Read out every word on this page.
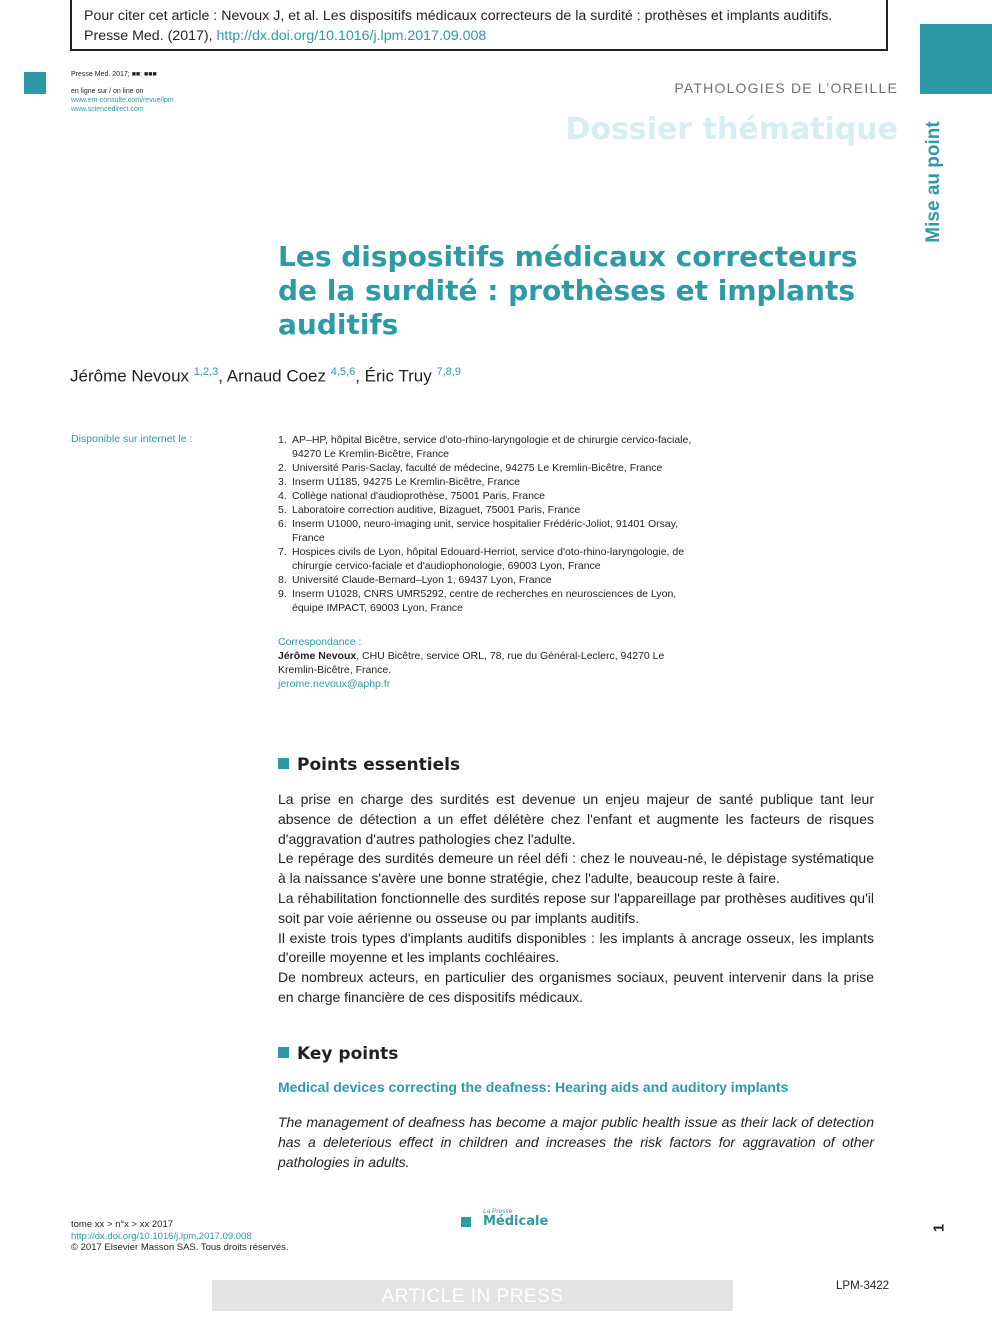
Pour citer cet article : Nevoux J, et al. Les dispositifs médicaux correcteurs de la surdité : prothèses et implants auditifs. Presse Med. (2017), http://dx.doi.org/10.1016/j.lpm.2017.09.008
Presse Med. 2017; ■■: ■■■
en ligne sur / on line on
www.em-consulte.com/revue/lpm
www.sciencedirect.com
PATHOLOGIES DE L’OREILLE
Dossier thématique Mise au point
Les dispositifs médicaux correcteurs de la surdité : prothèses et implants auditifs
Jérôme Nevoux $^{1,2,3}$, Arnaud Coez $^{4,5,6}$, Éric Truy $^{7,8,9}$
Disponible sur internet le :	1. AP–HP, hôpital Bicêtre, service d'oto-rhino-laryngologie et de chirurgie cervico-faciale, 94270 Le Kremlin-Bicêtre, France
2. Université Paris-Saclay, faculté de médecine, 94275 Le Kremlin-Bicêtre, France
3. Inserm U1185, 94275 Le Kremlin-Bicêtre, France
4. Collège national d'audioprothèse, 75001 Paris, France
5. Laboratoire correction auditive, Bizaguet, 75001 Paris, France
6. Inserm U1000, neuro-imaging unit, service hospitalier Frédéric-Joliot, 91401 Orsay, France
7. Hospices civils de Lyon, hôpital Edouard-Herriot, service d'oto-rhino-laryngologie, de chirurgie cervico-faciale et d'audiophonologie, 69003 Lyon, France
8. Université Claude-Bernard–Lyon 1, 69437 Lyon, France
9. Inserm U1028, CNRS UMR5292, centre de recherches en neurosciences de Lyon, équipe IMPACT, 69003 Lyon, France
Correspondance :
Jérôme Nevoux, CHU Bicêtre, service ORL, 78, rue du Général-Leclerc, 94270 Le Kremlin-Bicêtre, France.
jerome.nevoux@aphp.fr
Points essentiels

La prise en charge des surdités est devenue un enjeu majeur de santé publique tant leur absence de détection a un effet délétère chez l'enfant et augmente les facteurs de risques d'aggravation d'autres pathologies chez l'adulte.

Le repérage des surdités demeure un réel défi : chez le nouveau-né, le dépistage systématique à la naissance s'avère une bonne stratégie, chez l'adulte, beaucoup reste à faire.

La réhabilitation fonctionnelle des surdités repose sur l'appareillage par prothèses auditives qu'il soit par voie aérienne ou osseuse ou par implants auditifs.

Il existe trois types d'implants auditifs disponibles : les implants à ancrage osseux, les implants d'oreille moyenne et les implants cochléaires.

De nombreux acteurs, en particulier des organismes sociaux, peuvent intervenir dans la prise en charge financière de ces dispositifs médicaux.

Key points
Medical devices correcting the deafness: Hearing aids and auditory implants
The management of deafness has become a major public health issue as their lack of detection has a deleterious effect in children and increases the risk factors for aggravation of other pathologies in adults.
tome xx > n°x > xx 2017
http://dx.doi.org/10.1016/j.lpm.2017.09.008
© 2017 Elsevier Masson SAS. Tous droits réservés.
La Presse
Médicale	1
ARTICLE IN PRESS	LPM-3422
